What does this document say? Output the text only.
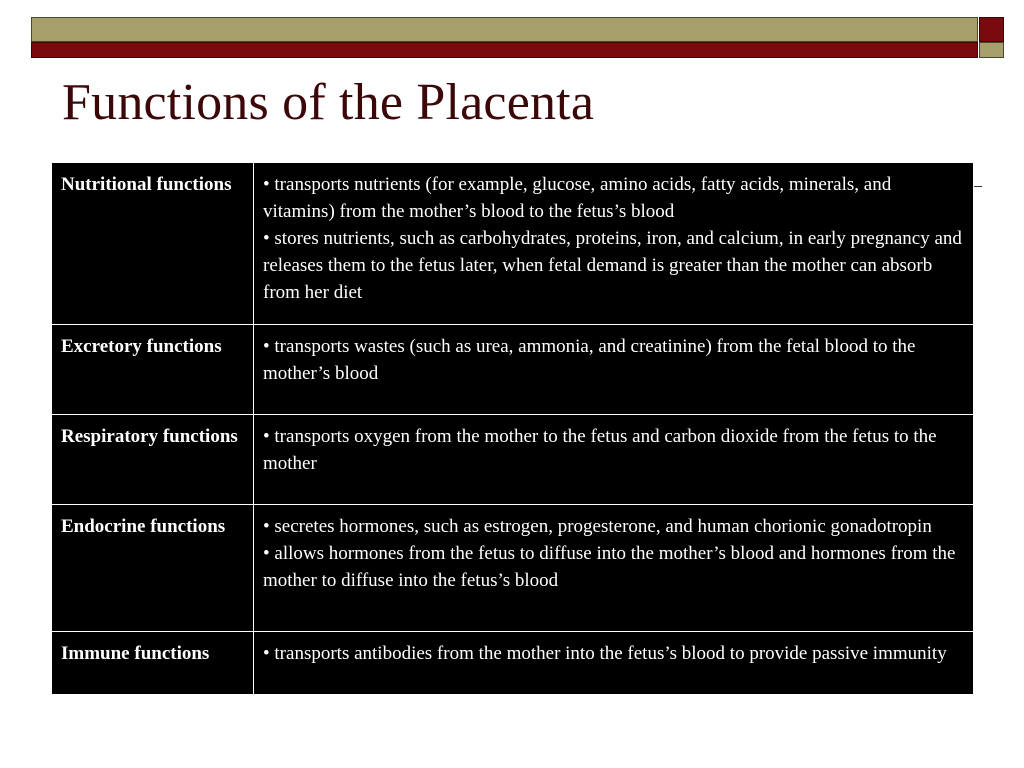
Functions of the Placenta
Nutritional functions	• transports nutrients (for example, glucose, amino acids, fatty acids, minerals, and vitamins) from the mother’s blood to the fetus’s blood
• stores nutrients, such as carbohydrates, proteins, iron, and calcium, in early pregnancy and releases them to the fetus later, when fetal demand is greater than the mother can absorb from her diet

Excretory functions	• transports wastes (such as urea, ammonia, and creatinine) from the fetal blood to the mother’s blood

Respiratory functions	• transports oxygen from the mother to the fetus and carbon dioxide from the fetus to the mother

Endocrine functions	• secretes hormones, such as estrogen, progesterone, and human chorionic gonadotropin
• allows hormones from the fetus to diffuse into the mother’s blood and hormones from the mother to diffuse into the fetus’s blood

Immune functions	• transports antibodies from the mother into the fetus’s blood to provide passive immunity
